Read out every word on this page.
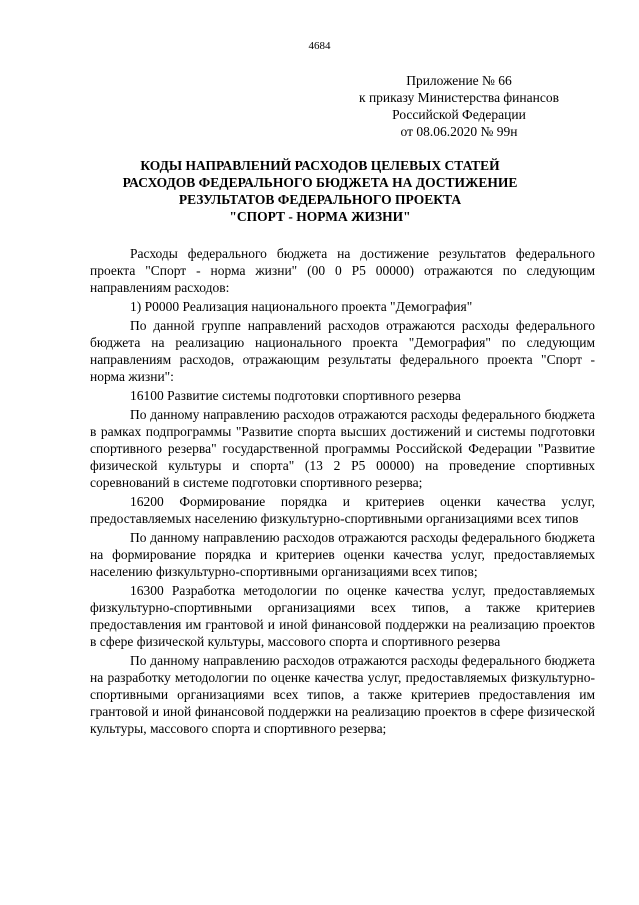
4684
Приложение № 66
к приказу Министерства финансов
Российской Федерации
от 08.06.2020 № 99н
КОДЫ НАПРАВЛЕНИЙ РАСХОДОВ ЦЕЛЕВЫХ СТАТЕЙ
РАСХОДОВ ФЕДЕРАЛЬНОГО БЮДЖЕТА НА ДОСТИЖЕНИЕ
РЕЗУЛЬТАТОВ ФЕДЕРАЛЬНОГО ПРОЕКТА
"СПОРТ - НОРМА ЖИЗНИ"

Расходы федерального бюджета на достижение результатов федерального проекта "Спорт - норма жизни" (00 0 P5 00000) отражаются по следующим направлениям расходов:

1) P0000 Реализация национального проекта "Демография"

По данной группе направлений расходов отражаются расходы федерального бюджета на реализацию национального проекта "Демография" по следующим направлениям расходов, отражающим результаты федерального проекта "Спорт - норма жизни":

16100 Развитие системы подготовки спортивного резерва

По данному направлению расходов отражаются расходы федерального бюджета в рамках подпрограммы "Развитие спорта высших достижений и системы подготовки спортивного резерва" государственной программы Российской Федерации "Развитие физической культуры и спорта" (13 2 P5 00000) на проведение спортивных соревнований в системе подготовки спортивного резерва;

16200 Формирование порядка и критериев оценки качества услуг, предоставляемых населению физкультурно-спортивными организациями всех типов

По данному направлению расходов отражаются расходы федерального бюджета на формирование порядка и критериев оценки качества услуг, предоставляемых населению физкультурно-спортивными организациями всех типов;

16300 Разработка методологии по оценке качества услуг, предоставляемых физкультурно-спортивными организациями всех типов, а также критериев предоставления им грантовой и иной финансовой поддержки на реализацию проектов в сфере физической культуры, массового спорта и спортивного резерва

По данному направлению расходов отражаются расходы федерального бюджета на разработку методологии по оценке качества услуг, предоставляемых физкультурно-спортивными организациями всех типов, а также критериев предоставления им грантовой и иной финансовой поддержки на реализацию проектов в сфере физической культуры, массового спорта и спортивного резерва;
